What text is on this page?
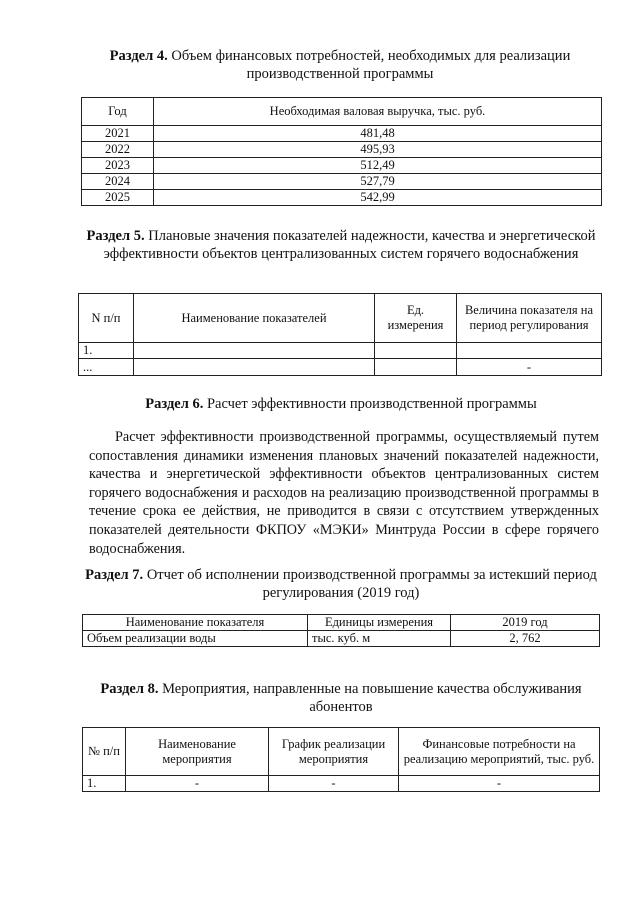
Раздел 4. Объем финансовых потребностей, необходимых для реализации производственной программы
Год	Необходимая валовая выручка, тыс. руб.
2021	481,48
2022	495,93
2023	512,49
2024	527,79
2025	542,99
Раздел 5. Плановые значения показателей надежности, качества и энергетической эффективности объектов централизованных систем горячего водоснабжения
N п/п	Наименование показателей	Ед. измерения	Величина показателя на период регулирования
1.			
...			-
Раздел 6. Расчет эффективности производственной программы
Расчет эффективности производственной программы, осуществляемый путем сопоставления динамики изменения плановых значений показателей надежности, качества и энергетической эффективности объектов централизованных систем горячего водоснабжения и расходов на реализацию производственной программы в течение срока ее действия, не приводится в связи с отсутствием утвержденных показателей деятельности ФКПОУ «МЭКИ» Минтруда России в сфере горячего водоснабжения.
Раздел 7. Отчет об исполнении производственной программы за истекший период регулирования (2019 год)
Наименование показателя	Единицы измерения	2019 год
Объем реализации воды	тыс. куб. м	2, 762
Раздел 8. Мероприятия, направленные на повышение качества обслуживания абонентов
№ п/п	Наименование мероприятия	График реализации мероприятия	Финансовые потребности на реализацию мероприятий, тыс. руб.
1.	-	-	-
